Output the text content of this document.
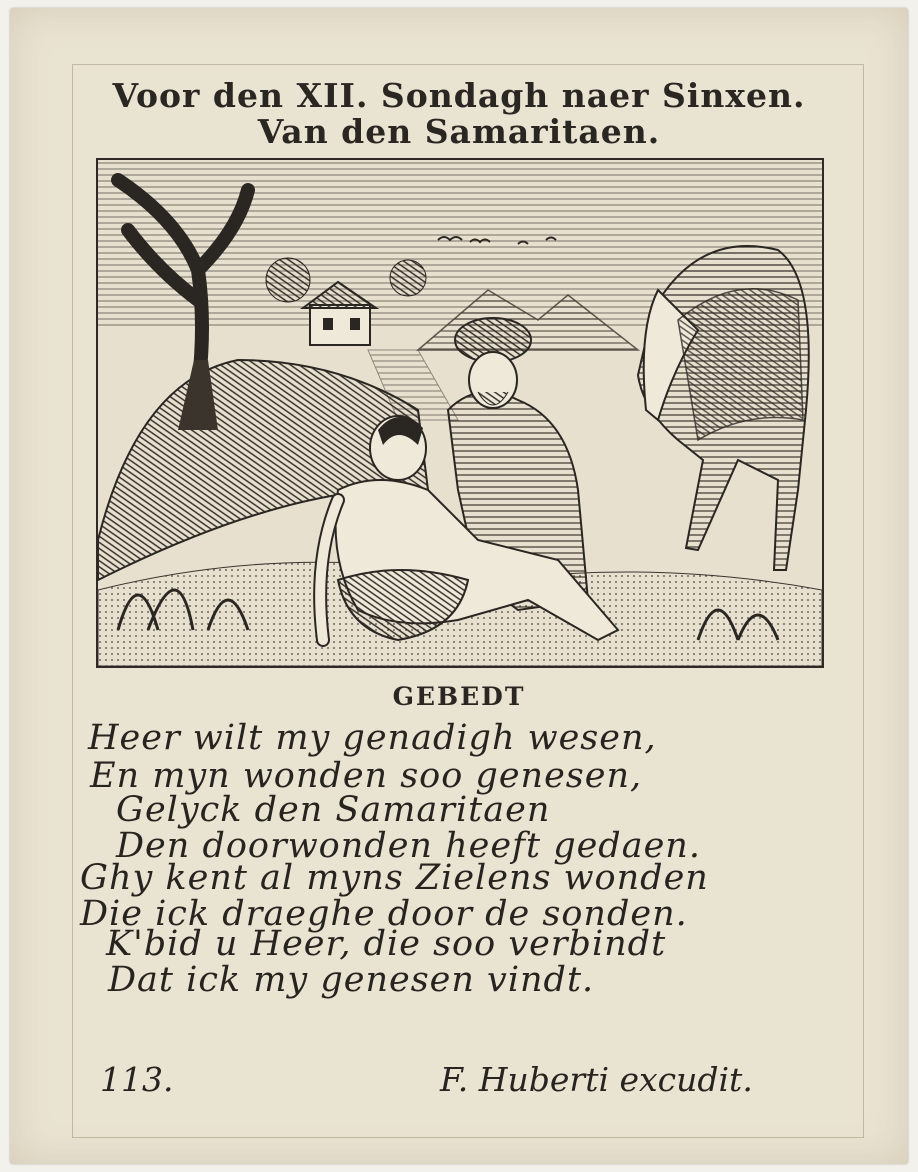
Voor den XII. Sondagh naer Sinxen.
Van den Samaritaen.
GEBEDT
Heer wilt my genadigh wesen,
En myn wonden soo genesen,
Gelyck den Samaritaen
Den doorwonden heeft gedaen.
Ghy kent al myns Zielens wonden
Die ick draeghe door de sonden.
K'bid u Heer, die soo verbindt
Dat ick my genesen vindt.
113.	F. Huberti excudit.
